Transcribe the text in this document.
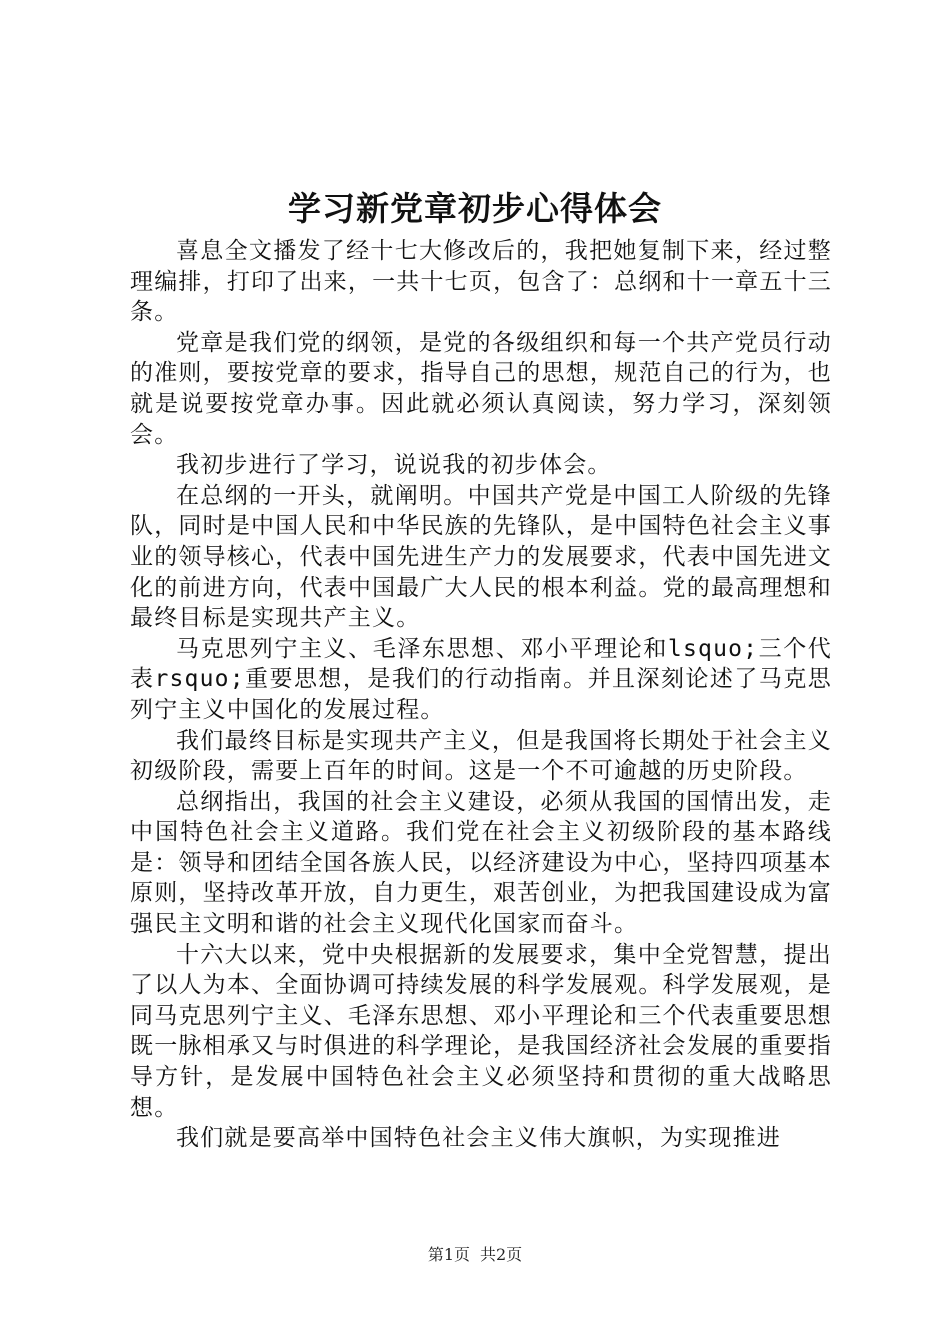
学习新党章初步心得体会

喜息全文播发了经十七大修改后的，我把她复制下来，经过整理编排，打印了出来，一共十七页，包含了：总纲和十一章五十三条。

党章是我们党的纲领，是党的各级组织和每一个共产党员行动的准则，要按党章的要求，指导自己的思想，规范自己的行为，也就是说要按党章办事。因此就必须认真阅读，努力学习，深刻领会。

我初步进行了学习，说说我的初步体会。

在总纲的一开头，就阐明。中国共产党是中国工人阶级的先锋队，同时是中国人民和中华民族的先锋队，是中国特色社会主义事业的领导核心，代表中国先进生产力的发展要求，代表中国先进文化的前进方向，代表中国最广大人民的根本利益。党的最高理想和最终目标是实现共产主义。

马克思列宁主义、毛泽东思想、邓小平理论和lsquo;三个代表rsquo;重要思想，是我们的行动指南。并且深刻论述了马克思列宁主义中国化的发展过程。

我们最终目标是实现共产主义，但是我国将长期处于社会主义初级阶段，需要上百年的时间。这是一个不可逾越的历史阶段。

总纲指出，我国的社会主义建设，必须从我国的国情出发，走中国特色社会主义道路。我们党在社会主义初级阶段的基本路线是：领导和团结全国各族人民，以经济建设为中心，坚持四项基本原则，坚持改革开放，自力更生，艰苦创业，为把我国建设成为富强民主文明和谐的社会主义现代化国家而奋斗。

十六大以来，党中央根据新的发展要求，集中全党智慧，提出了以人为本、全面协调可持续发展的科学发展观。科学发展观，是同马克思列宁主义、毛泽东思想、邓小平理论和三个代表重要思想既一脉相承又与时俱进的科学理论，是我国经济社会发展的重要指导方针，是发展中国特色社会主义必须坚持和贯彻的重大战略思想。

我们就是要高举中国特色社会主义伟大旗帜，为实现推进

第1页 共2页
